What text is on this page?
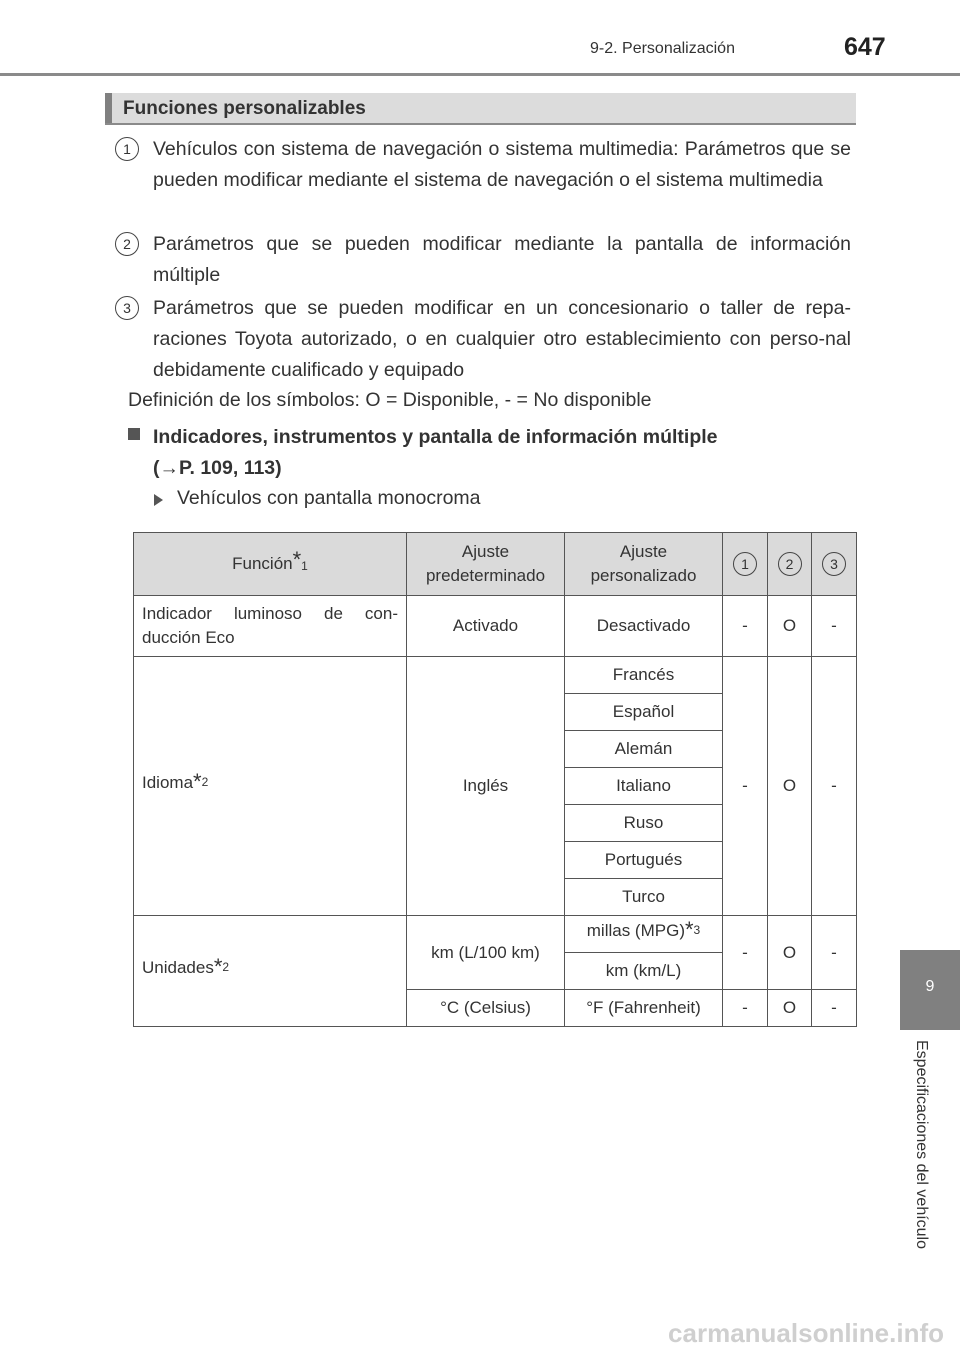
9-2. Personalización	647
Funciones personalizables
1	Vehículos con sistema de navegación o sistema multimedia: Parámetros que se pueden modificar mediante el sistema de navegación o el sistema multimedia
2	Parámetros que se pueden modificar mediante la pantalla de información múltiple
3	Parámetros que se pueden modificar en un concesionario o taller de repa-raciones Toyota autorizado, o en cualquier otro establecimiento con perso-nal debidamente cualificado y equipado
Definición de los símbolos: O = Disponible, - = No disponible
Indicadores, instrumentos y pantalla de información múltiple
(→P. 109, 113)
Vehículos con pantalla monocroma
Función*$^1$	Ajuste predeterminado	Ajuste personalizado	1	2	3
Indicador luminoso de con-ducción Eco	Activado	Desactivado	-	O	-
Idioma*$^2$	Inglés	Francés	-	O	-
		Español			
		Alemán			
		Italiano			
		Ruso			
		Portugués			
		Turco			
Unidades*$^2$	km (L/100 km)	millas (MPG)*$^3$	-	O	-
		km (km/L)			
	°C (Celsius)	°F (Fahrenheit)	-	O	-
9
Especificaciones del vehículo
carmanualsonline.info
